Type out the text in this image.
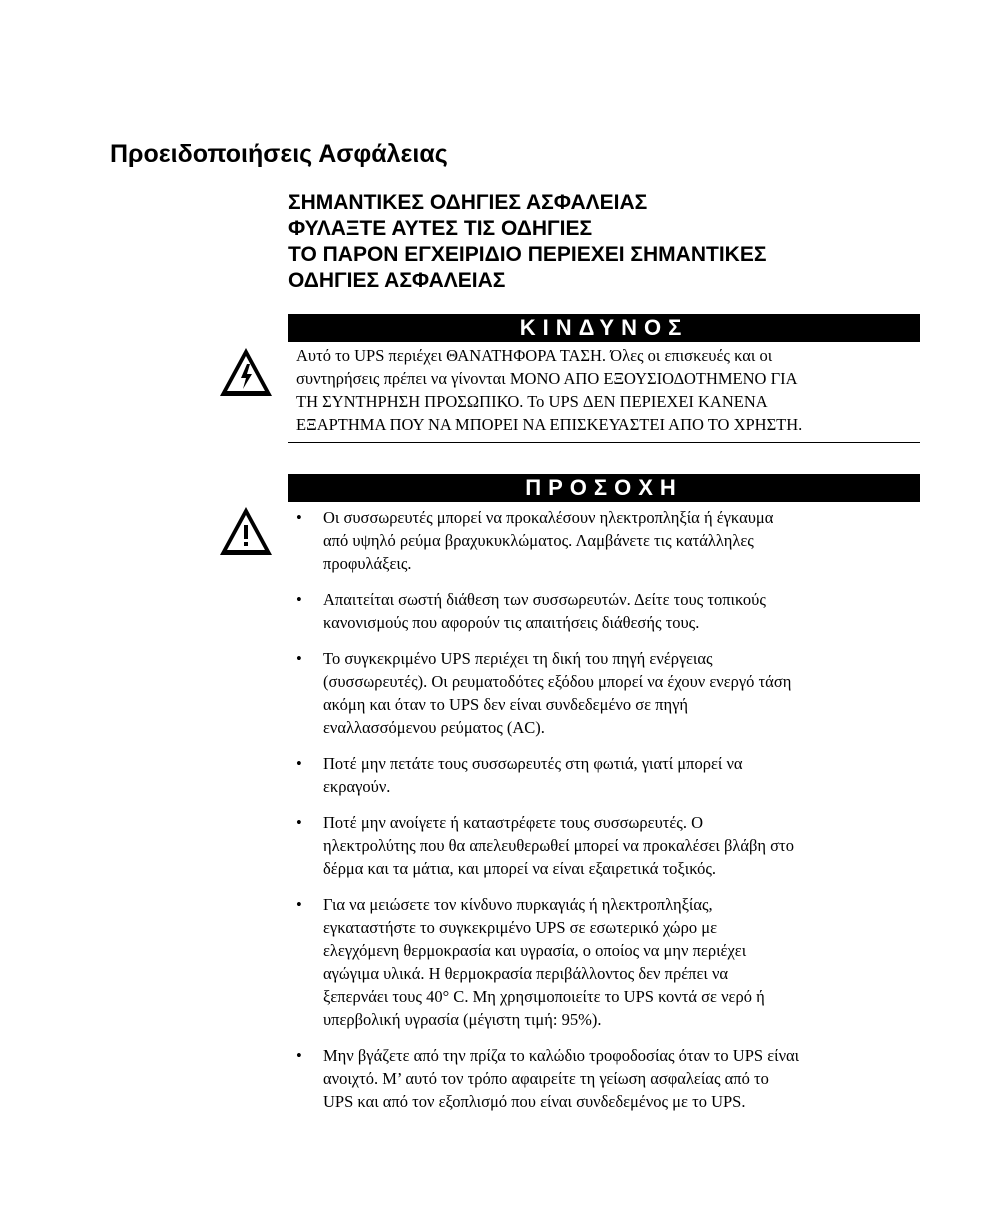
Προειδοποιήσεις Ασφάλειας
ΣΗΜΑΝΤΙΚΕΣ ΟΔΗΓΙΕΣ ΑΣΦΑΛΕΙΑΣ
ΦΥΛΑΞΤΕ ΑΥΤΕΣ ΤΙΣ ΟΔΗΓΙΕΣ
ΤΟ ΠΑΡΟΝ ΕΓΧΕΙΡΙΔΙΟ ΠΕΡΙΕΧΕΙ ΣΗΜΑΝΤΙΚΕΣ
ΟΔΗΓΙΕΣ ΑΣΦΑΛΕΙΑΣ
ΚΙΝΔΥΝΟΣ
Αυτό το UPS περιέχει ΘΑΝΑΤΗΦΟΡΑ ΤΑΣΗ. Όλες οι επισκευές και οι
συντηρήσεις πρέπει να γίνονται ΜΟΝΟ ΑΠΟ ΕΞΟΥΣΙΟΔΟΤΗΜΕΝΟ ΓΙΑ
ΤΗ ΣΥΝΤΗΡΗΣΗ ΠΡΟΣΩΠΙΚΟ. Το UPS ΔΕΝ ΠΕΡΙΕΧΕΙ ΚΑΝΕΝΑ
ΕΞΑΡΤΗΜΑ ΠΟΥ ΝΑ ΜΠΟΡΕΙ ΝΑ ΕΠΙΣΚΕΥΑΣΤΕΙ ΑΠΟ ΤΟ ΧΡΗΣΤΗ.
ΠΡΟΣΟΧΗ
• Οι συσσωρευτές μπορεί να προκαλέσουν ηλεκτροπληξία ή έγκαυμα
από υψηλό ρεύμα βραχυκυκλώματος. Λαμβάνετε τις κατάλληλες
προφυλάξεις.
• Απαιτείται σωστή διάθεση των συσσωρευτών. Δείτε τους τοπικούς
κανονισμούς που αφορούν τις απαιτήσεις διάθεσής τους.
• Το συγκεκριμένο UPS περιέχει τη δική του πηγή ενέργειας
(συσσωρευτές). Οι ρευματοδότες εξόδου μπορεί να έχουν ενεργό τάση
ακόμη και όταν το UPS δεν είναι συνδεδεμένο σε πηγή
εναλλασσόμενου ρεύματος (AC).
• Ποτέ μην πετάτε τους συσσωρευτές στη φωτιά, γιατί μπορεί να
εκραγούν.
• Ποτέ μην ανοίγετε ή καταστρέφετε τους συσσωρευτές. Ο
ηλεκτρολύτης που θα απελευθερωθεί μπορεί να προκαλέσει βλάβη στο
δέρμα και τα μάτια, και μπορεί να είναι εξαιρετικά τοξικός.
• Για να μειώσετε τον κίνδυνο πυρκαγιάς ή ηλεκτροπληξίας,
εγκαταστήστε το συγκεκριμένο UPS σε εσωτερικό χώρο με
ελεγχόμενη θερμοκρασία και υγρασία, ο οποίος να μην περιέχει
αγώγιμα υλικά. Η θερμοκρασία περιβάλλοντος δεν πρέπει να
ξεπερνάει τους 40° C. Μη χρησιμοποιείτε το UPS κοντά σε νερό ή
υπερβολική υγρασία (μέγιστη τιμή: 95%).
• Μην βγάζετε από την πρίζα το καλώδιο τροφοδοσίας όταν το UPS είναι
ανοιχτό. Μ’ αυτό τον τρόπο αφαιρείτε τη γείωση ασφαλείας από το
UPS και από τον εξοπλισμό που είναι συνδεδεμένος με το UPS.
